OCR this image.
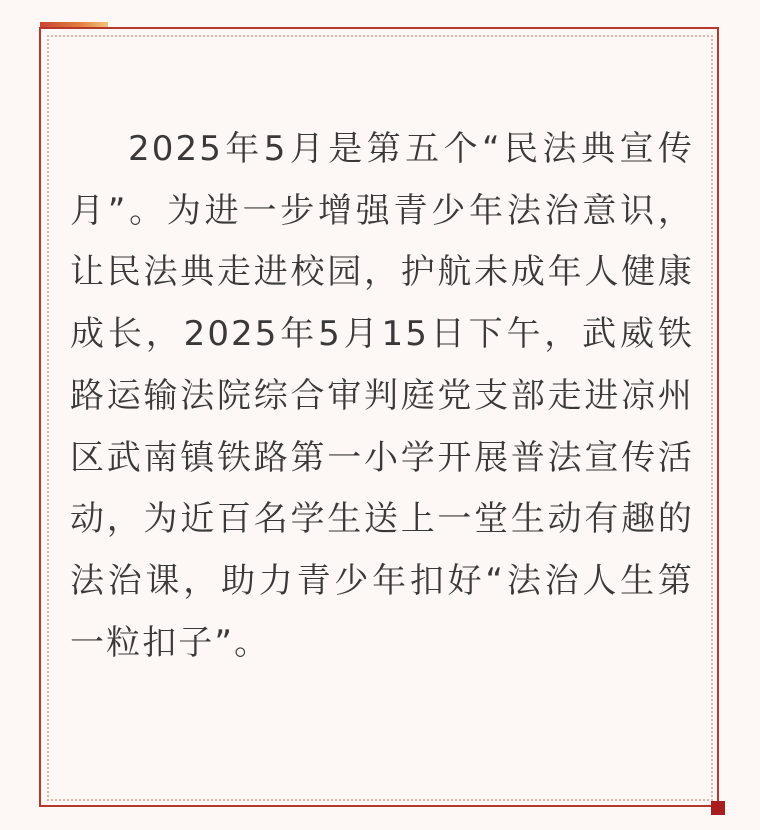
2025年5月是第五个“民法典宣传月”。为进一步增强青少年法治意识，让民法典走进校园，护航未成年人健康成长，2025年5月15日下午，武威铁路运输法院综合审判庭党支部走进凉州区武南镇铁路第一小学开展普法宣传活动，为近百名学生送上一堂生动有趣的法治课，助力青少年扣好“法治人生第一粒扣子”。
